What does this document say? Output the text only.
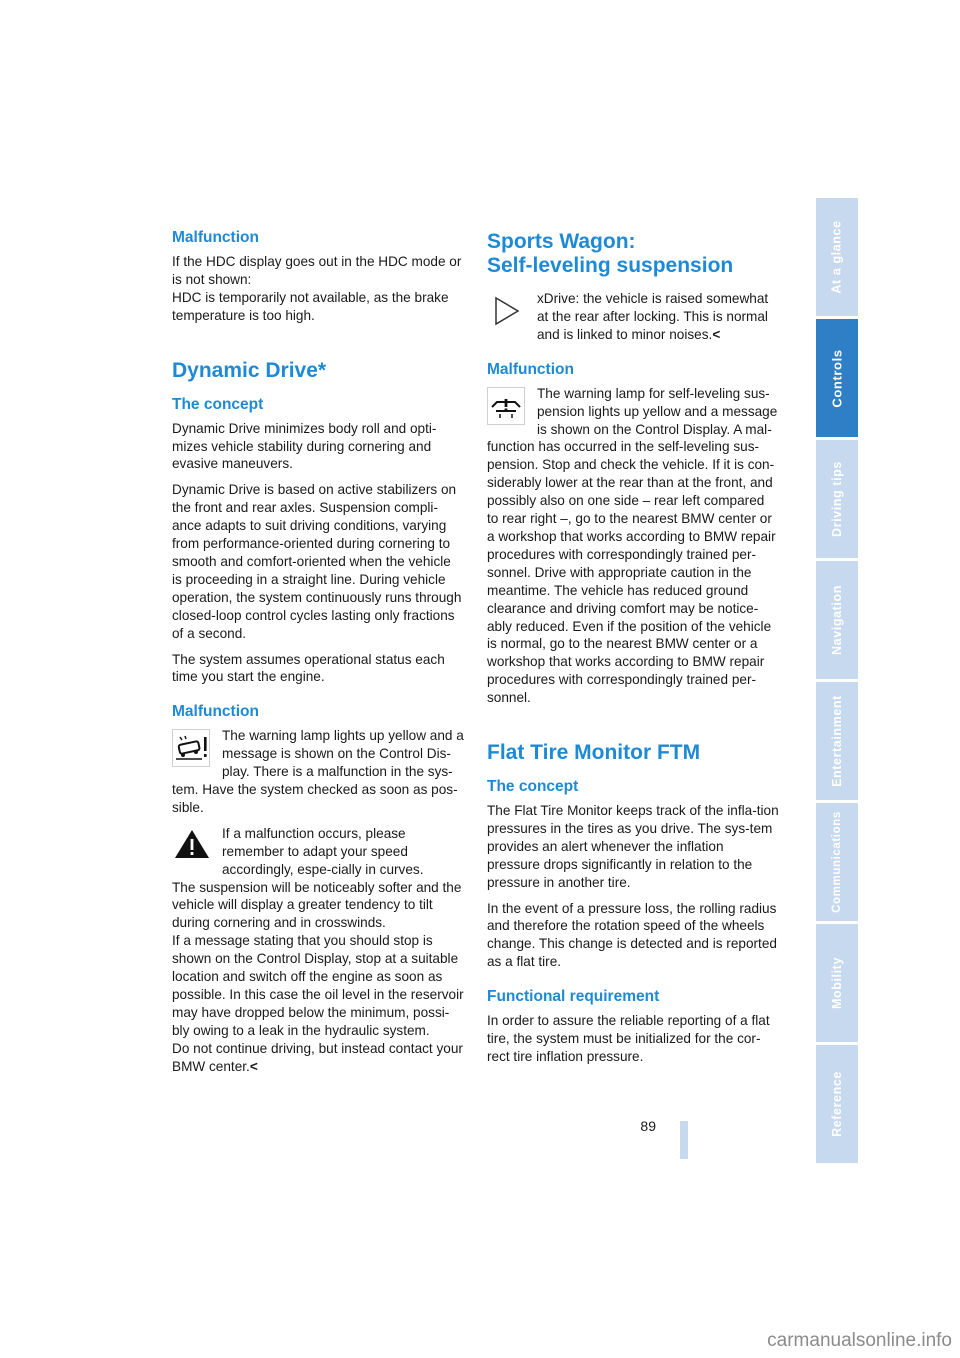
Malfunction

If the HDC display goes out in the HDC mode or is not shown:

HDC is temporarily not available, as the brake temperature is too high.

Dynamic Drive*
The concept

Dynamic Drive minimizes body roll and opti-mizes vehicle stability during cornering and evasive maneuvers.

Dynamic Drive is based on active stabilizers on the front and rear axles. Suspension compli-ance adapts to suit driving conditions, varying from performance-oriented during cornering to smooth and comfort-oriented when the vehicle is proceeding in a straight line. During vehicle operation, the system continuously runs through closed-loop control cycles lasting only fractions of a second.

The system assumes operational status each time you start the engine.

Malfunction

The warning lamp lights up yellow and a message is shown on the Control Dis-play. There is a malfunction in the sys-tem. Have the system checked as soon as pos-sible.

If a malfunction occurs, please remember to adapt your speed accordingly, espe-cially in curves.

The suspension will be noticeably softer and the vehicle will display a greater tendency to tilt during cornering and in crosswinds.

If a message stating that you should stop is shown on the Control Display, stop at a suitable location and switch off the engine as soon as possible. In this case the oil level in the reservoir may have dropped below the minimum, possi-bly owing to a leak in the hydraulic system.

Do not continue driving, but instead contact your BMW center.<

Sports Wagon:
Self-leveling suspension

xDrive: the vehicle is raised somewhat at the rear after locking. This is normal and is linked to minor noises.<

Malfunction

The warning lamp for self-leveling sus-pension lights up yellow and a message is shown on the Control Display. A mal-function has occurred in the self-leveling sus-pension. Stop and check the vehicle. If it is con-siderably lower at the rear than at the front, and possibly also on one side – rear left compared to rear right –, go to the nearest BMW center or a workshop that works according to BMW repair procedures with correspondingly trained per-sonnel. Drive with appropriate caution in the meantime. The vehicle has reduced ground clearance and driving comfort may be notice-ably reduced. Even if the position of the vehicle is normal, go to the nearest BMW center or a workshop that works according to BMW repair procedures with correspondingly trained per-sonnel.

Flat Tire Monitor FTM
The concept

The Flat Tire Monitor keeps track of the infla-tion pressures in the tires as you drive. The sys-tem provides an alert whenever the inflation pressure drops significantly in relation to the pressure in another tire.

In the event of a pressure loss, the rolling radius and therefore the rotation speed of the wheels change. This change is detected and is reported as a flat tire.

Functional requirement

In order to assure the reliable reporting of a flat tire, the system must be initialized for the cor-rect tire inflation pressure.

At a glance
Controls
Driving tips
Navigation
Entertainment
Communications
Mobility
Reference
89
carmanualsonline.info
